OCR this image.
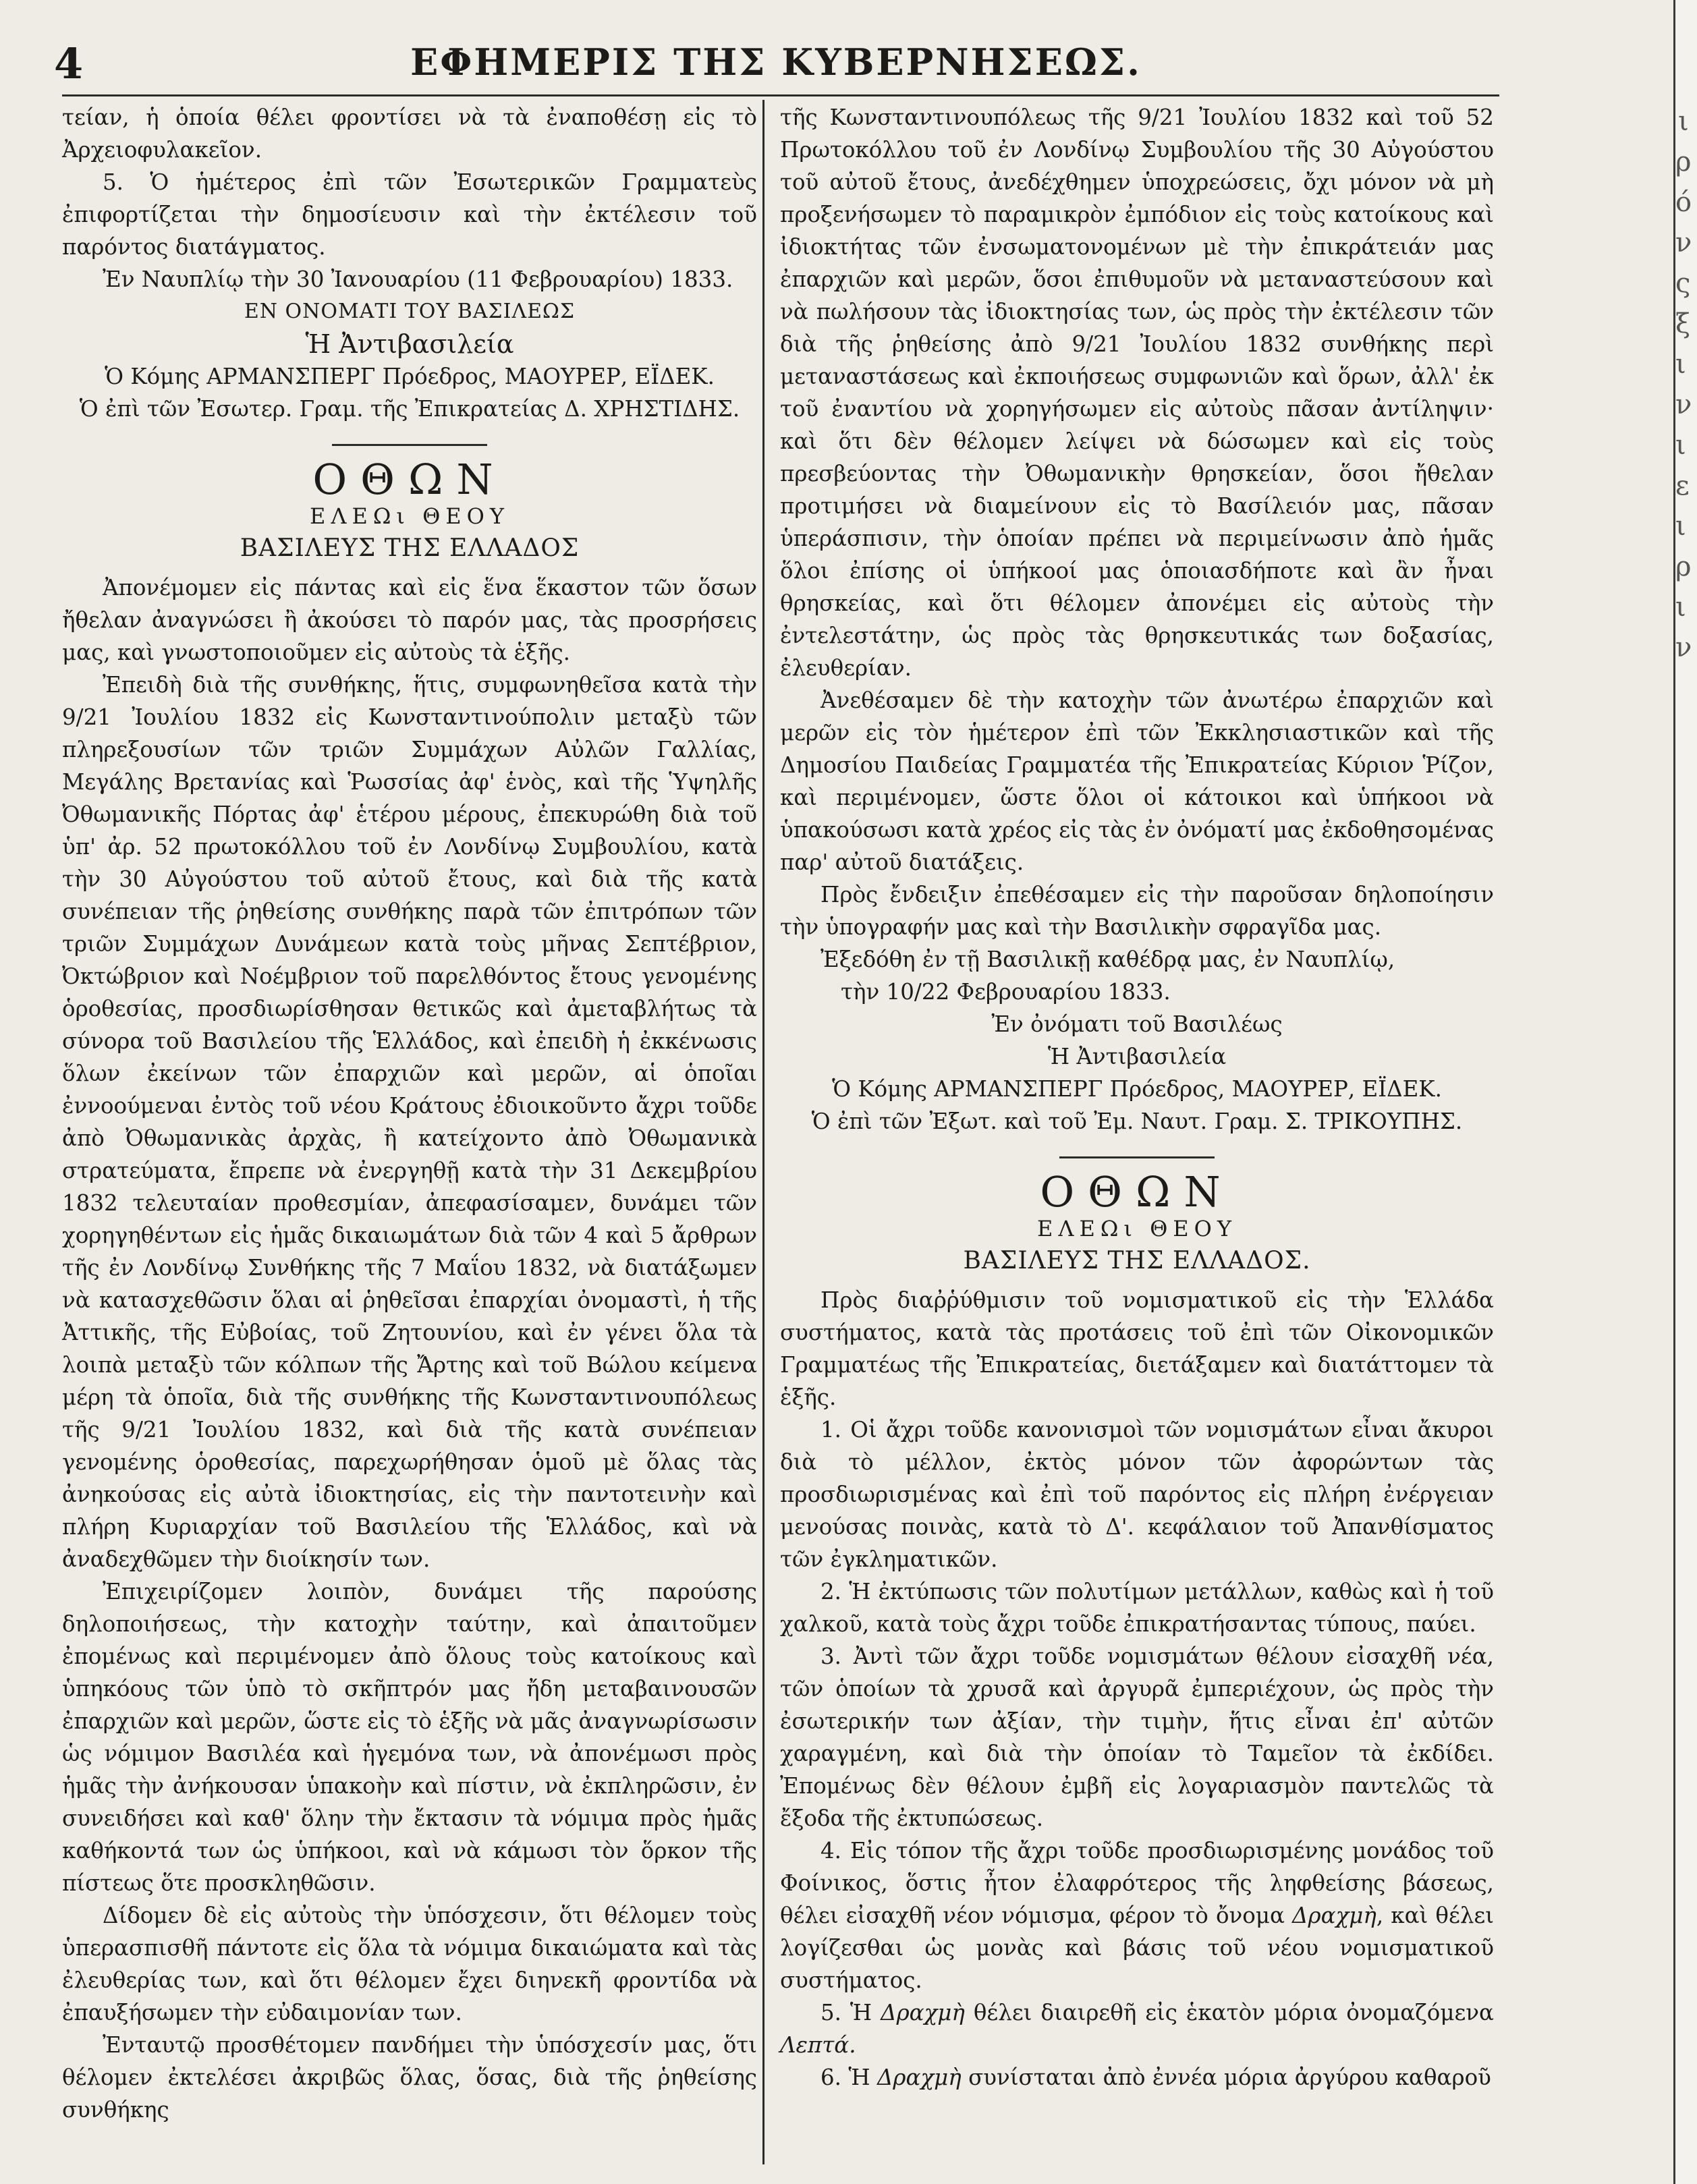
4	ΕΦΗΜΕΡΙΣ ΤΗΣ ΚΥΒΕΡΝΗΣΕΩΣ.

τείαν, ἡ ὁποία θέλει φροντίσει νὰ τὰ ἐναποθέσῃ εἰς τὸ Ἀρχειοφυλακεῖον.

5. Ὁ ἡμέτερος ἐπὶ τῶν Ἐσωτερικῶν Γραμματεὺς ἐπιφορτίζεται τὴν δημοσίευσιν καὶ τὴν ἐκτέλεσιν τοῦ παρόντος διατάγματος.

Ἐν Ναυπλίῳ τὴν 30 Ἰανουαρίου (11 Φεβρουαρίου) 1833.

ΕΝ ΟΝΟΜΑΤΙ ΤΟΥ ΒΑΣΙΛΕΩΣ

Ἡ Ἀντιβασιλεία

Ὁ Κόμης ΑΡΜΑΝΣΠΕΡΓ Πρόεδρος, ΜΑΟΥΡΕΡ, ΕΪΔΕΚ.

Ὁ ἐπὶ τῶν Ἐσωτερ. Γραμ. τῆς Ἐπικρατείας Δ. ΧΡΗΣΤΙΔΗΣ.

ΟΘΩΝ

ΕΛΕΩι ΘΕΟΥ

ΒΑΣΙΛΕΥΣ ΤΗΣ ΕΛΛΑΔΟΣ

Ἀπονέμομεν εἰς πάντας καὶ εἰς ἕνα ἕκαστον τῶν ὅσων ἤθελαν ἀναγνώσει ἢ ἀκούσει τὸ παρόν μας, τὰς προσρήσεις μας, καὶ γνωστοποιοῦμεν εἰς αὐτοὺς τὰ ἑξῆς.

Ἐπειδὴ διὰ τῆς συνθήκης, ἥτις, συμφωνηθεῖσα κατὰ τὴν 9/21 Ἰουλίου 1832 εἰς Κωνσταντινούπολιν μεταξὺ τῶν πληρεξουσίων τῶν τριῶν Συμμάχων Αὐλῶν Γαλλίας, Μεγάλης Βρετανίας καὶ Ῥωσσίας ἀφ' ἑνὸς, καὶ τῆς Ὑψηλῆς Ὀθωμανικῆς Πόρτας ἀφ' ἑτέρου μέρους, ἐπεκυρώθη διὰ τοῦ ὑπ' ἀρ. 52 πρωτοκόλλου τοῦ ἐν Λονδίνῳ Συμβουλίου, κατὰ τὴν 30 Αὐγούστου τοῦ αὐτοῦ ἔτους, καὶ διὰ τῆς κατὰ συνέπειαν τῆς ῥηθείσης συνθήκης παρὰ τῶν ἐπιτρόπων τῶν τριῶν Συμμάχων Δυνάμεων κατὰ τοὺς μῆνας Σεπτέβριον, Ὀκτώβριον καὶ Νοέμβριον τοῦ παρελθόντος ἔτους γενομένης ὁροθεσίας, προσδιωρίσθησαν θετικῶς καὶ ἀμεταβλήτως τὰ σύνορα τοῦ Βασιλείου τῆς Ἑλλάδος, καὶ ἐπειδὴ ἡ ἐκκένωσις ὅλων ἐκείνων τῶν ἐπαρχιῶν καὶ μερῶν, αἱ ὁποῖαι ἐννοούμεναι ἐντὸς τοῦ νέου Κράτους ἐδιοικοῦντο ἄχρι τοῦδε ἀπὸ Ὀθωμανικὰς ἀρχὰς, ἢ κατείχοντο ἀπὸ Ὀθωμανικὰ στρατεύματα, ἔπρεπε νὰ ἐνεργηθῇ κατὰ τὴν 31 Δεκεμβρίου 1832 τελευταίαν προθεσμίαν, ἀπεφασίσαμεν, δυνάμει τῶν χορηγηθέντων εἰς ἡμᾶς δικαιωμάτων διὰ τῶν 4 καὶ 5 ἄρθρων τῆς ἐν Λονδίνῳ Συνθήκης τῆς 7 Μαΐου 1832, νὰ διατάξωμεν νὰ κατασχεθῶσιν ὅλαι αἱ ῥηθεῖσαι ἐπαρχίαι ὀνομαστὶ, ἡ τῆς Ἀττικῆς, τῆς Εὐβοίας, τοῦ Ζητουνίου, καὶ ἐν γένει ὅλα τὰ λοιπὰ μεταξὺ τῶν κόλπων τῆς Ἄρτης καὶ τοῦ Βώλου κείμενα μέρη τὰ ὁποῖα, διὰ τῆς συνθήκης τῆς Κωνσταντινουπόλεως τῆς 9/21 Ἰουλίου 1832, καὶ διὰ τῆς κατὰ συνέπειαν γενομένης ὁροθεσίας, παρεχωρήθησαν ὁμοῦ μὲ ὅλας τὰς ἀνηκούσας εἰς αὐτὰ ἰδιοκτησίας, εἰς τὴν παντοτεινὴν καὶ πλήρη Κυριαρχίαν τοῦ Βασιλείου τῆς Ἑλλάδος, καὶ νὰ ἀναδεχθῶμεν τὴν διοίκησίν των.

Ἐπιχειρίζομεν λοιπὸν, δυνάμει τῆς παρούσης δηλοποιήσεως, τὴν κατοχὴν ταύτην, καὶ ἀπαιτοῦμεν ἐπομένως καὶ περιμένομεν ἀπὸ ὅλους τοὺς κατοίκους καὶ ὑπηκόους τῶν ὑπὸ τὸ σκῆπτρόν μας ἤδη μεταβαινουσῶν ἐπαρχιῶν καὶ μερῶν, ὥστε εἰς τὸ ἑξῆς νὰ μᾶς ἀναγνωρίσωσιν ὡς νόμιμον Βασιλέα καὶ ἡγεμόνα των, νὰ ἀπονέμωσι πρὸς ἡμᾶς τὴν ἀνήκουσαν ὑπακοὴν καὶ πίστιν, νὰ ἐκπληρῶσιν, ἐν συνειδήσει καὶ καθ' ὅλην τὴν ἔκτασιν τὰ νόμιμα πρὸς ἡμᾶς καθήκοντά των ὡς ὑπήκοοι, καὶ νὰ κάμωσι τὸν ὅρκον τῆς πίστεως ὅτε προσκληθῶσιν.

Δίδομεν δὲ εἰς αὐτοὺς τὴν ὑπόσχεσιν, ὅτι θέλομεν τοὺς ὑπερασπισθῆ πάντοτε εἰς ὅλα τὰ νόμιμα δικαιώματα καὶ τὰς ἐλευθερίας των, καὶ ὅτι θέλομεν ἔχει διηνεκῆ φροντίδα νὰ ἐπαυξήσωμεν τὴν εὐδαιμονίαν των.

Ἐνταυτῷ προσθέτομεν πανδήμει τὴν ὑπόσχεσίν μας, ὅτι θέλομεν ἐκτελέσει ἀκριβῶς ὅλας, ὅσας, διὰ τῆς ῥηθείσης συνθήκης

τῆς Κωνσταντινουπόλεως τῆς 9/21 Ἰουλίου 1832 καὶ τοῦ 52 Πρωτοκόλλου τοῦ ἐν Λονδίνῳ Συμβουλίου τῆς 30 Αὐγούστου τοῦ αὐτοῦ ἔτους, ἀνεδέχθημεν ὑποχρεώσεις, ὄχι μόνον νὰ μὴ προξενήσωμεν τὸ παραμικρὸν ἐμπόδιον εἰς τοὺς κατοίκους καὶ ἰδιοκτήτας τῶν ἐνσωματονομένων μὲ τὴν ἐπικράτειάν μας ἐπαρχιῶν καὶ μερῶν, ὅσοι ἐπιθυμοῦν νὰ μεταναστεύσουν καὶ νὰ πωλήσουν τὰς ἰδιοκτησίας των, ὡς πρὸς τὴν ἐκτέλεσιν τῶν διὰ τῆς ῥηθείσης ἀπὸ 9/21 Ἰουλίου 1832 συνθήκης περὶ μεταναστάσεως καὶ ἐκποιήσεως συμφωνιῶν καὶ ὅρων, ἀλλ' ἐκ τοῦ ἐναντίου νὰ χορηγήσωμεν εἰς αὐτοὺς πᾶσαν ἀντίληψιν· καὶ ὅτι δὲν θέλομεν λείψει νὰ δώσωμεν καὶ εἰς τοὺς πρεσβεύοντας τὴν Ὀθωμανικὴν θρησκείαν, ὅσοι ἤθελαν προτιμήσει νὰ διαμείνουν εἰς τὸ Βασίλειόν μας, πᾶσαν ὑπεράσπισιν, τὴν ὁποίαν πρέπει νὰ περιμείνωσιν ἀπὸ ἡμᾶς ὅλοι ἐπίσης οἱ ὑπήκοοί μας ὁποιασδήποτε καὶ ἂν ἦναι θρησκείας, καὶ ὅτι θέλομεν ἀπονέμει εἰς αὐτοὺς τὴν ἐντελεστάτην, ὡς πρὸς τὰς θρησκευτικάς των δοξασίας, ἐλευθερίαν.

Ἀνεθέσαμεν δὲ τὴν κατοχὴν τῶν ἀνωτέρω ἐπαρχιῶν καὶ μερῶν εἰς τὸν ἡμέτερον ἐπὶ τῶν Ἐκκλησιαστικῶν καὶ τῆς Δημοσίου Παιδείας Γραμματέα τῆς Ἐπικρατείας Κύριον Ῥίζον, καὶ περιμένομεν, ὥστε ὅλοι οἱ κάτοικοι καὶ ὑπήκοοι νὰ ὑπακούσωσι κατὰ χρέος εἰς τὰς ἐν ὀνόματί μας ἐκδοθησομένας παρ' αὐτοῦ διατάξεις.

Πρὸς ἔνδειξιν ἐπεθέσαμεν εἰς τὴν παροῦσαν δηλοποίησιν τὴν ὑπογραφήν μας καὶ τὴν Βασιλικὴν σφραγῖδα μας.

Ἐξεδόθη ἐν τῇ Βασιλικῇ καθέδρᾳ μας, ἐν Ναυπλίῳ,

τὴν 10/22 Φεβρουαρίου 1833.

Ἐν ὀνόματι τοῦ Βασιλέως

Ἡ Ἀντιβασιλεία

Ὁ Κόμης ΑΡΜΑΝΣΠΕΡΓ Πρόεδρος, ΜΑΟΥΡΕΡ, ΕΪΔΕΚ.

Ὁ ἐπὶ τῶν Ἐξωτ. καὶ τοῦ Ἐμ. Ναυτ. Γραμ. Σ. ΤΡΙΚΟΥΠΗΣ.

ΟΘΩΝ

ΕΛΕΩι ΘΕΟΥ

ΒΑΣΙΛΕΥΣ ΤΗΣ ΕΛΛΑΔΟΣ.

Πρὸς διαῤῥύθμισιν τοῦ νομισματικοῦ εἰς τὴν Ἑλλάδα συστήματος, κατὰ τὰς προτάσεις τοῦ ἐπὶ τῶν Οἰκονομικῶν Γραμματέως τῆς Ἐπικρατείας, διετάξαμεν καὶ διατάττομεν τὰ ἑξῆς.

1. Οἱ ἄχρι τοῦδε κανονισμοὶ τῶν νομισμάτων εἶναι ἄκυροι διὰ τὸ μέλλον, ἐκτὸς μόνον τῶν ἀφορώντων τὰς προσδιωρισμένας καὶ ἐπὶ τοῦ παρόντος εἰς πλήρη ἐνέργειαν μενούσας ποινὰς, κατὰ τὸ Δ'. κεφάλαιον τοῦ Ἀπανθίσματος τῶν ἐγκληματικῶν.

2. Ἡ ἐκτύπωσις τῶν πολυτίμων μετάλλων, καθὼς καὶ ἡ τοῦ χαλκοῦ, κατὰ τοὺς ἄχρι τοῦδε ἐπικρατήσαντας τύπους, παύει.

3. Ἀντὶ τῶν ἄχρι τοῦδε νομισμάτων θέλουν εἰσαχθῆ νέα, τῶν ὁποίων τὰ χρυσᾶ καὶ ἀργυρᾶ ἐμπεριέχουν, ὡς πρὸς τὴν ἐσωτερικήν των ἀξίαν, τὴν τιμὴν, ἥτις εἶναι ἐπ' αὐτῶν χαραγμένη, καὶ διὰ τὴν ὁποίαν τὸ Ταμεῖον τὰ ἐκδίδει. Ἐπομένως δὲν θέλουν ἐμβῆ εἰς λογαριασμὸν παντελῶς τὰ ἔξοδα τῆς ἐκτυπώσεως.

4. Εἰς τόπον τῆς ἄχρι τοῦδε προσδιωρισμένης μονάδος τοῦ Φοίνικος, ὅστις ἦτον ἐλαφρότερος τῆς ληφθείσης βάσεως, θέλει εἰσαχθῆ νέον νόμισμα, φέρον τὸ ὄνομα Δραχμὴ, καὶ θέλει λογίζεσθαι ὡς μονὰς καὶ βάσις τοῦ νέου νομισματικοῦ συστήματος.

5. Ἡ Δραχμὴ θέλει διαιρεθῆ εἰς ἑκατὸν μόρια ὀνομαζόμενα Λεπτά.

6. Ἡ Δραχμὴ συνίσταται ἀπὸ ἐννέα μόρια ἀργύρου καθαροῦ

ι ρ ό ν ς ξ ι ν ι ε ι ρ ι ν
